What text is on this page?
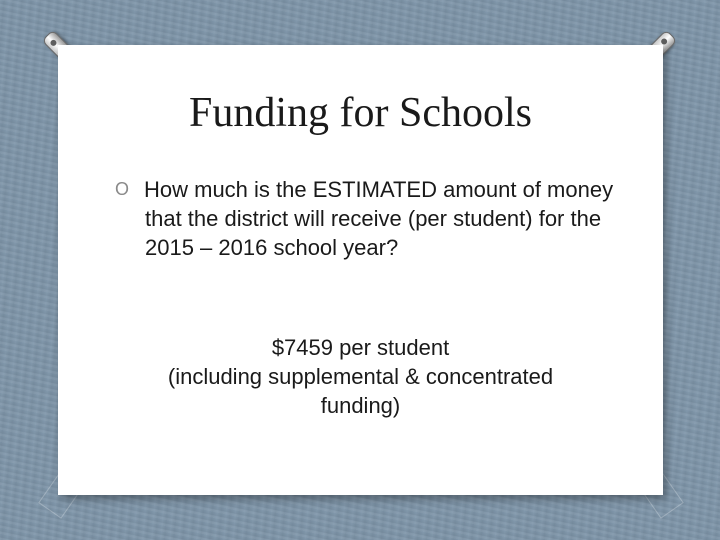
Funding for Schools
O How much is the ESTIMATED amount of money that the district will receive (per student) for the 2015 – 2016 school year?
$7459 per student
(including supplemental & concentrated
funding)
